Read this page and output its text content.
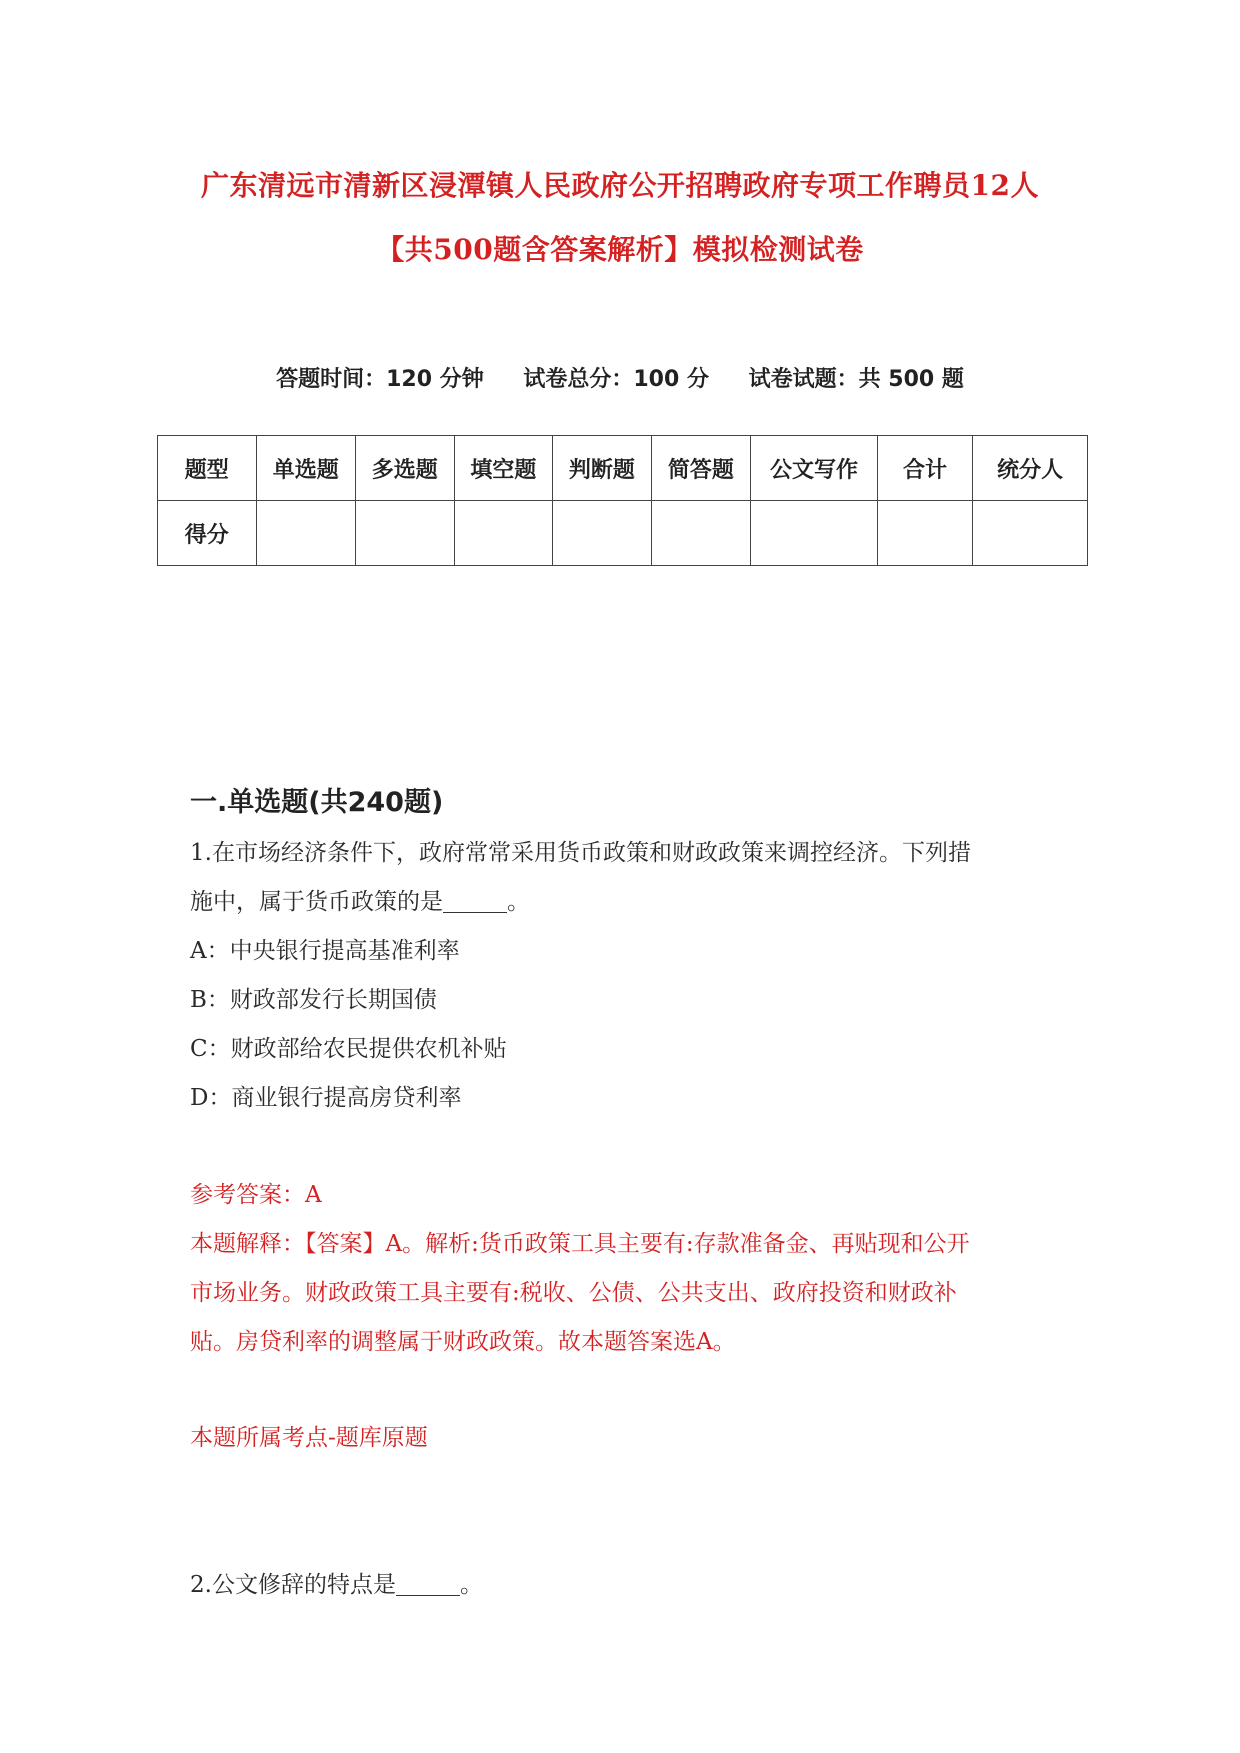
广东清远市清新区浸潭镇人民政府公开招聘政府专项工作聘员12人
【共500题含答案解析】模拟检测试卷
答题时间：120 分钟 试卷总分：100 分 试卷试题：共 500 题
题型	单选题	多选题	填空题	判断题	简答题	公文写作	合计	统分人
得分								
一.单选题(共240题)
1.在市场经济条件下，政府常常采用货币政策和财政政策来调控经济。下列措
施中，属于货币政策的是	。
A：中央银行提高基准利率
B：财政部发行长期国债
C：财政部给农民提供农机补贴
D：商业银行提高房贷利率
参考答案：A
本题解释：【答案】A。解析:货币政策工具主要有:存款准备金、再贴现和公开
市场业务。财政政策工具主要有:税收、公债、公共支出、政府投资和财政补
贴。房贷利率的调整属于财政政策。故本题答案选A。
本题所属考点-题库原题
2.公文修辞的特点是	。
